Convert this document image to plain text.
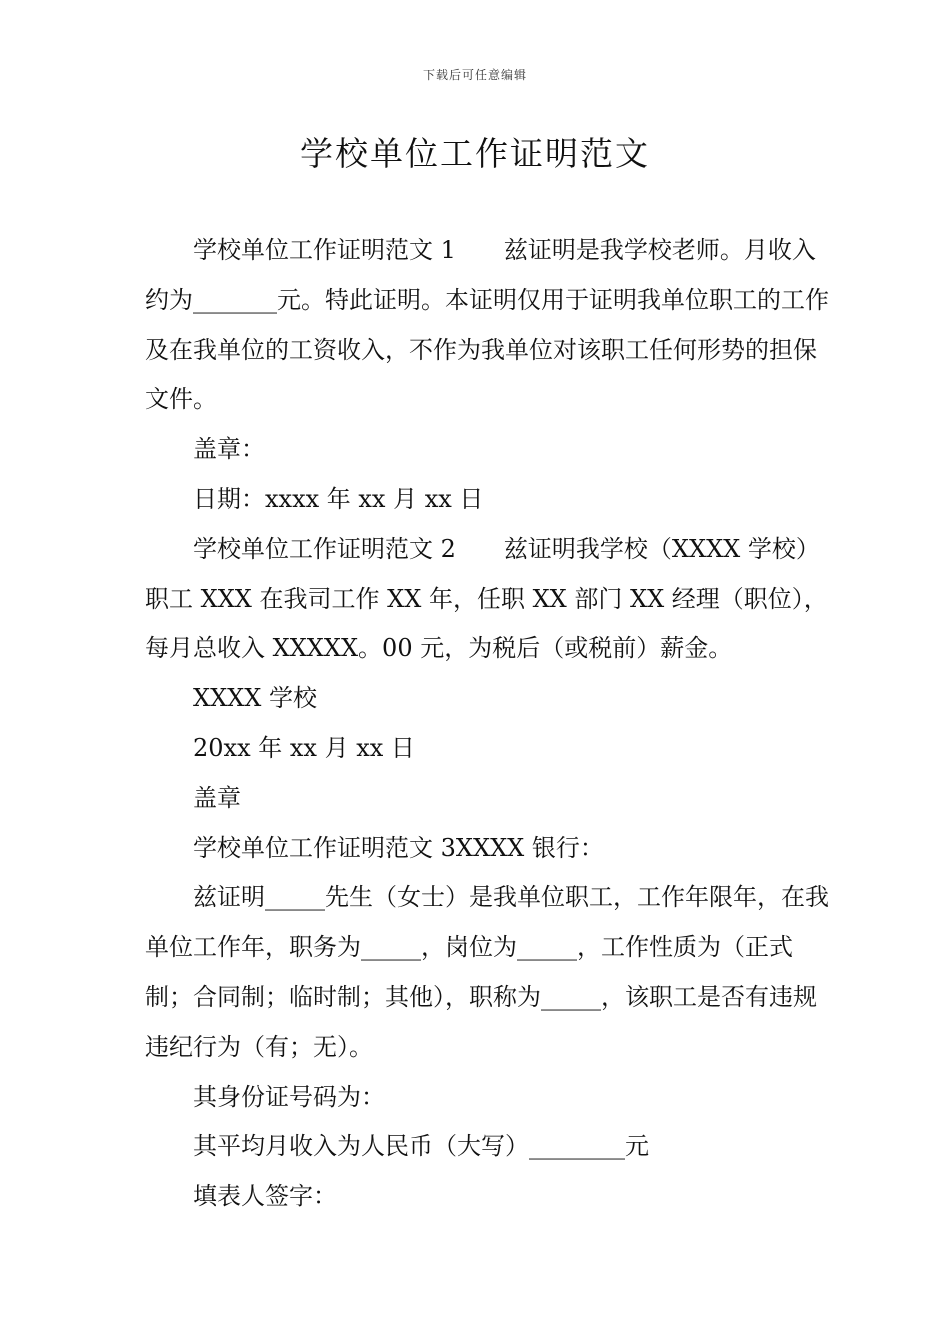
下载后可任意编辑
学校单位工作证明范文

学校单位工作证明范文 1　　兹证明是我学校老师。月收入约为_______元。特此证明。本证明仅用于证明我单位职工的工作及在我单位的工资收入，不作为我单位对该职工任何形势的担保文件。

盖章：

日期：xxxx 年 xx 月 xx 日

学校单位工作证明范文 2　　兹证明我学校（XXXX 学校）职工 XXX 在我司工作 XX 年，任职 XX 部门 XX 经理（职位），每月总收入 XXXXX。00 元，为税后（或税前）薪金。

XXXX 学校

20xx 年 xx 月 xx 日

盖章

学校单位工作证明范文 3XXXX 银行：

兹证明_____先生（女士）是我单位职工，工作年限年，在我单位工作年，职务为_____，岗位为_____，工作性质为（正式制；合同制；临时制；其他），职称为_____，该职工是否有违规违纪行为（有；无）。

其身份证号码为：

其平均月收入为人民币（大写）________元

填表人签字：
